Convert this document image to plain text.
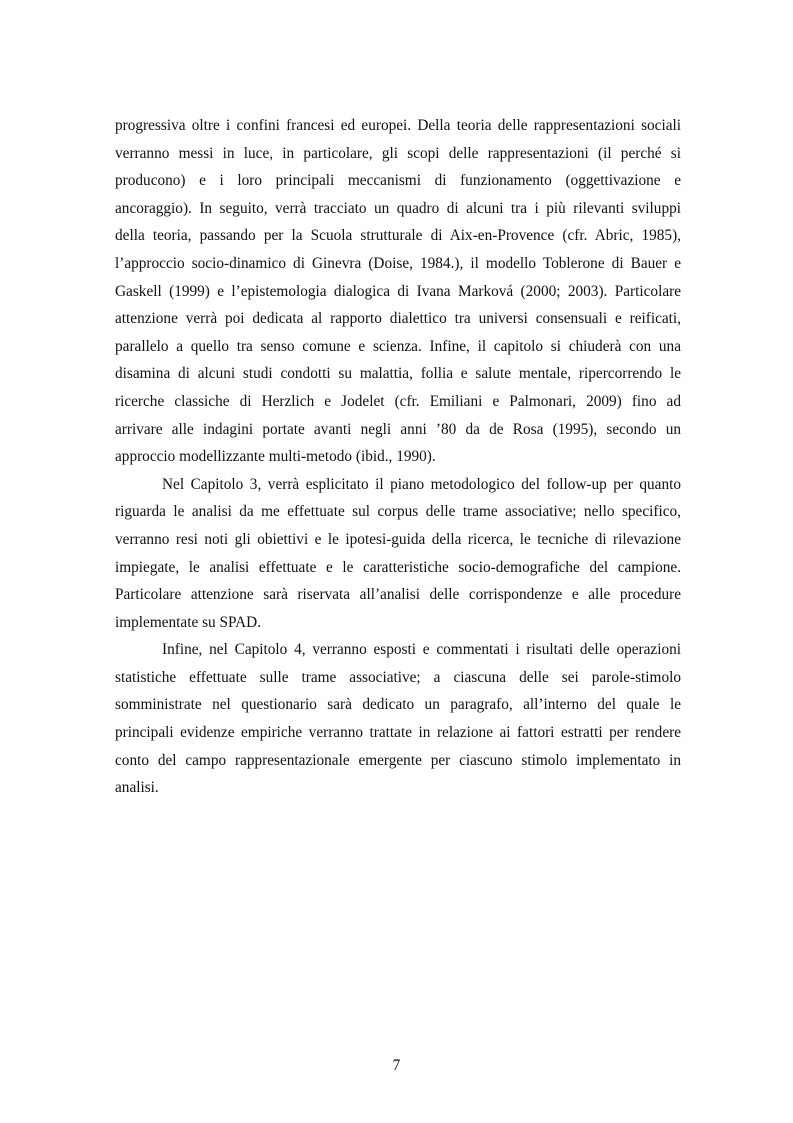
progressiva oltre i confini francesi ed europei. Della teoria delle rappresentazioni sociali
verranno messi in luce, in particolare, gli scopi delle rappresentazioni (il perché si
producono) e i loro principali meccanismi di funzionamento (oggettivazione e
ancoraggio). In seguito, verrà tracciato un quadro di alcuni tra i più rilevanti sviluppi
della teoria, passando per la Scuola strutturale di Aix-en-Provence (cfr. Abric, 1985),
l’approccio socio-dinamico di Ginevra (Doise, 1984.), il modello Toblerone di Bauer e
Gaskell (1999) e l’epistemologia dialogica di Ivana Marková (2000; 2003). Particolare
attenzione verrà poi dedicata al rapporto dialettico tra universi consensuali e reificati,
parallelo a quello tra senso comune e scienza. Infine, il capitolo si chiuderà con una
disamina di alcuni studi condotti su malattia, follia e salute mentale, ripercorrendo le
ricerche classiche di Herzlich e Jodelet (cfr. Emiliani e Palmonari, 2009) fino ad
arrivare alle indagini portate avanti negli anni ’80 da de Rosa (1995), secondo un
approccio modellizzante multi-metodo (ibid., 1990).
Nel Capitolo 3, verrà esplicitato il piano metodologico del follow-up per quanto
riguarda le analisi da me effettuate sul corpus delle trame associative; nello specifico,
verranno resi noti gli obiettivi e le ipotesi-guida della ricerca, le tecniche di rilevazione
impiegate, le analisi effettuate e le caratteristiche socio-demografiche del campione.
Particolare attenzione sarà riservata all’analisi delle corrispondenze e alle procedure
implementate su SPAD.
Infine, nel Capitolo 4, verranno esposti e commentati i risultati delle operazioni
statistiche effettuate sulle trame associative; a ciascuna delle sei parole-stimolo
somministrate nel questionario sarà dedicato un paragrafo, all’interno del quale le
principali evidenze empiriche verranno trattate in relazione ai fattori estratti per rendere
conto del campo rappresentazionale emergente per ciascuno stimolo implementato in
analisi.
7
